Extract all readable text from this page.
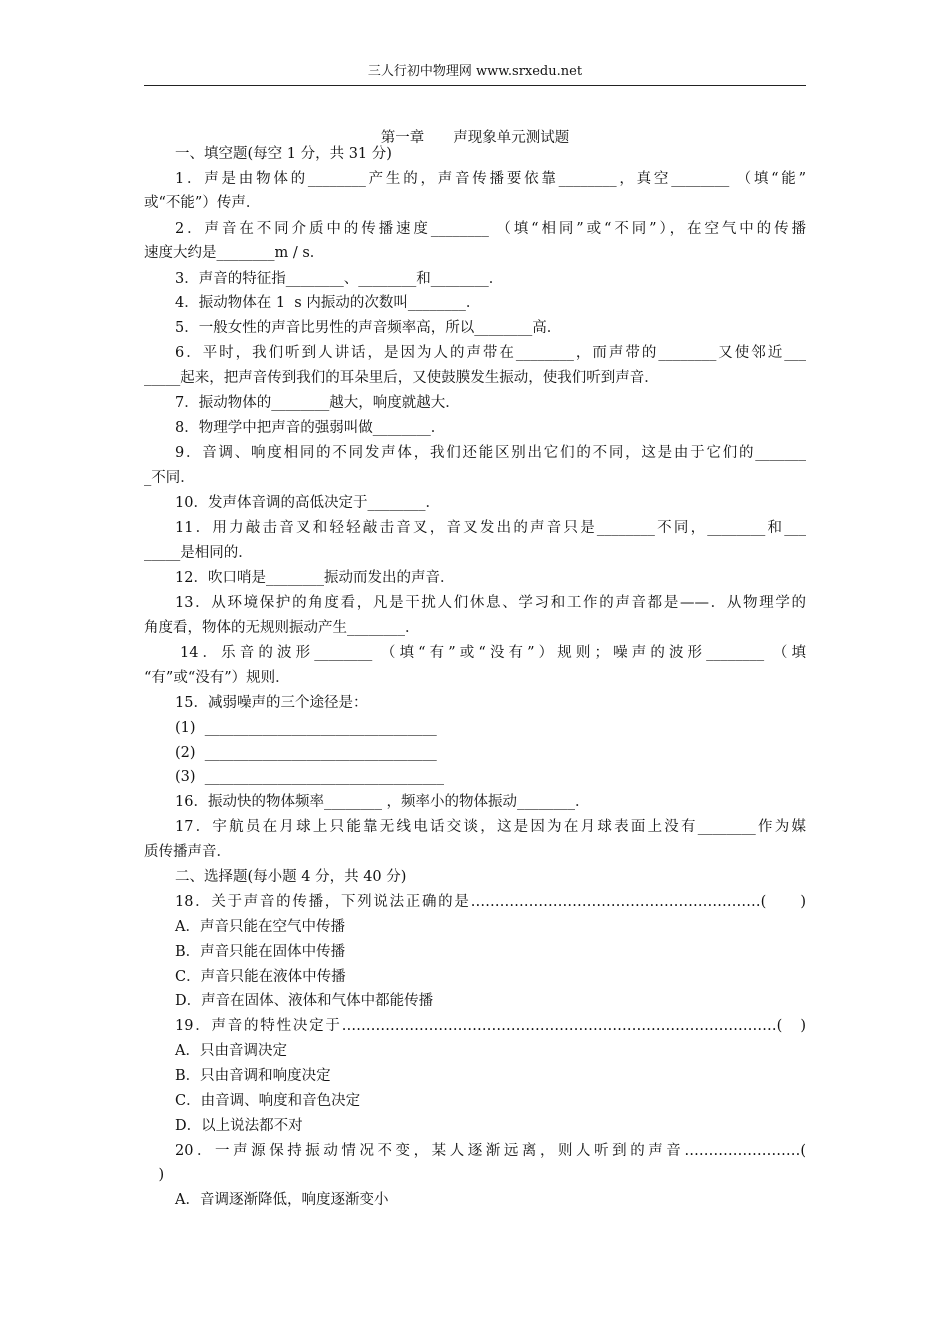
三人行初中物理网 www.srxedu.net
第一章　　声现象单元测试题
一、填空题(每空 1 分，共 31 分)
1．声是由物体的________产生的，声音传播要依靠________，真空________ （填“能”
或“不能”）传声．
2．声音在不同介质中的传播速度________ （填“相同”或“不同”），在空气中的传播
速度大约是________m / s．
3．声音的特征指________、________和________．
4．振动物体在 1  s 内振动的次数叫________．
5．一般女性的声音比男性的声音频率高，所以________高．
6．平时，我们听到人讲话，是因为人的声带在________，而声带的________又使邻近___
_____起来，把声音传到我们的耳朵里后，又使鼓膜发生振动，使我们听到声音．
7．振动物体的________越大，响度就越大．
8．物理学中把声音的强弱叫做________．
9．音调、响度相同的不同发声体，我们还能区别出它们的不同，这是由于它们的_______
_不同．
10．发声体音调的高低决定于________．
11．用力敲击音叉和轻轻敲击音叉，音叉发出的声音只是________不同，________和___
_____是相同的．
12．吹口哨是________振动而发出的声音．
13．从环境保护的角度看，凡是干扰人们休息、学习和工作的声音都是——．从物理学的
角度看，物体的无规则振动产生________．
14．乐音的波形________ （填“有”或“没有”）规则；噪声的波形________ （填
“有”或“没有”）规则．
15．减弱噪声的三个途径是：
(1)  ________________________________
(2)  ________________________________
(3)  _________________________________
16．振动快的物体频率________ ，频率小的物体振动________．
17．宇航员在月球上只能靠无线电话交谈，这是因为在月球表面上没有________作为媒
质传播声音．
二、选择题(每小题 4 分，共 40 分)
18．关于声音的传播，下列说法正确的是……………………………………………………(　　)
A．声音只能在空气中传播
B．声音只能在固体中传播
C．声音只能在液体中传播
D．声音在固体、液体和气体中都能传播
19．声音的特性决定于………………………………………………………………………………(　)
A．只由音调决定
B．只由音调和响度决定
C．由音调、响度和音色决定
D．以上说法都不对
20．一声源保持振动情况不变，某人逐渐远离，则人听到的声音……………………(
　)
A．音调逐渐降低，响度逐渐变小
